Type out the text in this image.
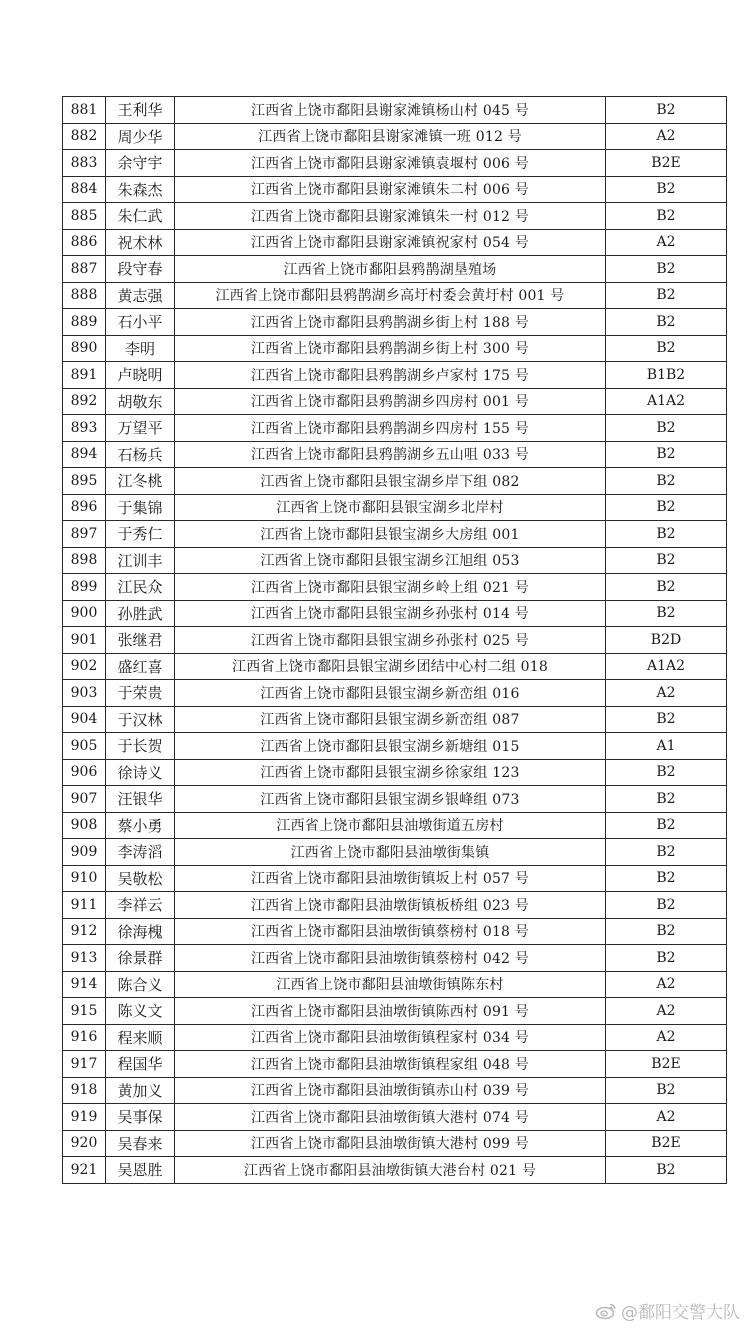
881	王利华	江西省上饶市鄱阳县谢家滩镇杨山村 045 号	B2
882	周少华	江西省上饶市鄱阳县谢家滩镇一班 012 号	A2
883	余守宇	江西省上饶市鄱阳县谢家滩镇袁堰村 006 号	B2E
884	朱森杰	江西省上饶市鄱阳县谢家滩镇朱二村 006 号	B2
885	朱仁武	江西省上饶市鄱阳县谢家滩镇朱一村 012 号	B2
886	祝术林	江西省上饶市鄱阳县谢家滩镇祝家村 054 号	A2
887	段守春	江西省上饶市鄱阳县鸦鹊湖垦殖场	B2
888	黄志强	江西省上饶市鄱阳县鸦鹊湖乡高圩村委会黄圩村 001 号	B2
889	石小平	江西省上饶市鄱阳县鸦鹊湖乡街上村 188 号	B2
890	李明	江西省上饶市鄱阳县鸦鹊湖乡街上村 300 号	B2
891	卢晓明	江西省上饶市鄱阳县鸦鹊湖乡卢家村 175 号	B1B2
892	胡敬东	江西省上饶市鄱阳县鸦鹊湖乡四房村 001 号	A1A2
893	万望平	江西省上饶市鄱阳县鸦鹊湖乡四房村 155 号	B2
894	石杨兵	江西省上饶市鄱阳县鸦鹊湖乡五山咀 033 号	B2
895	江冬桃	江西省上饶市鄱阳县银宝湖乡岸下组 082	B2
896	于集锦	江西省上饶市鄱阳县银宝湖乡北岸村	B2
897	于秀仁	江西省上饶市鄱阳县银宝湖乡大房组 001	B2
898	江训丰	江西省上饶市鄱阳县银宝湖乡江旭组 053	B2
899	江民众	江西省上饶市鄱阳县银宝湖乡岭上组 021 号	B2
900	孙胜武	江西省上饶市鄱阳县银宝湖乡孙张村 014 号	B2
901	张继君	江西省上饶市鄱阳县银宝湖乡孙张村 025 号	B2D
902	盛红喜	江西省上饶市鄱阳县银宝湖乡团结中心村二组 018	A1A2
903	于荣贵	江西省上饶市鄱阳县银宝湖乡新峦组 016	A2
904	于汉林	江西省上饶市鄱阳县银宝湖乡新峦组 087	B2
905	于长贺	江西省上饶市鄱阳县银宝湖乡新塘组 015	A1
906	徐诗义	江西省上饶市鄱阳县银宝湖乡徐家组 123	B2
907	汪银华	江西省上饶市鄱阳县银宝湖乡银峰组 073	B2
908	蔡小勇	江西省上饶市鄱阳县油墩街道五房村	B2
909	李涛滔	江西省上饶市鄱阳县油墩街集镇	B2
910	吴敬松	江西省上饶市鄱阳县油墩街镇坂上村 057 号	B2
911	李祥云	江西省上饶市鄱阳县油墩街镇板桥组 023 号	B2
912	徐海槐	江西省上饶市鄱阳县油墩街镇蔡榜村 018 号	B2
913	徐景群	江西省上饶市鄱阳县油墩街镇蔡榜村 042 号	B2
914	陈合义	江西省上饶市鄱阳县油墩街镇陈东村	A2
915	陈义文	江西省上饶市鄱阳县油墩街镇陈西村 091 号	A2
916	程来顺	江西省上饶市鄱阳县油墩街镇程家村 034 号	A2
917	程国华	江西省上饶市鄱阳县油墩街镇程家组 048 号	B2E
918	黄加义	江西省上饶市鄱阳县油墩街镇赤山村 039 号	B2
919	吴事保	江西省上饶市鄱阳县油墩街镇大港村 074 号	A2
920	吴春来	江西省上饶市鄱阳县油墩街镇大港村 099 号	B2E
921	吴恩胜	江西省上饶市鄱阳县油墩街镇大港台村 021 号	B2
@鄱阳交警大队
